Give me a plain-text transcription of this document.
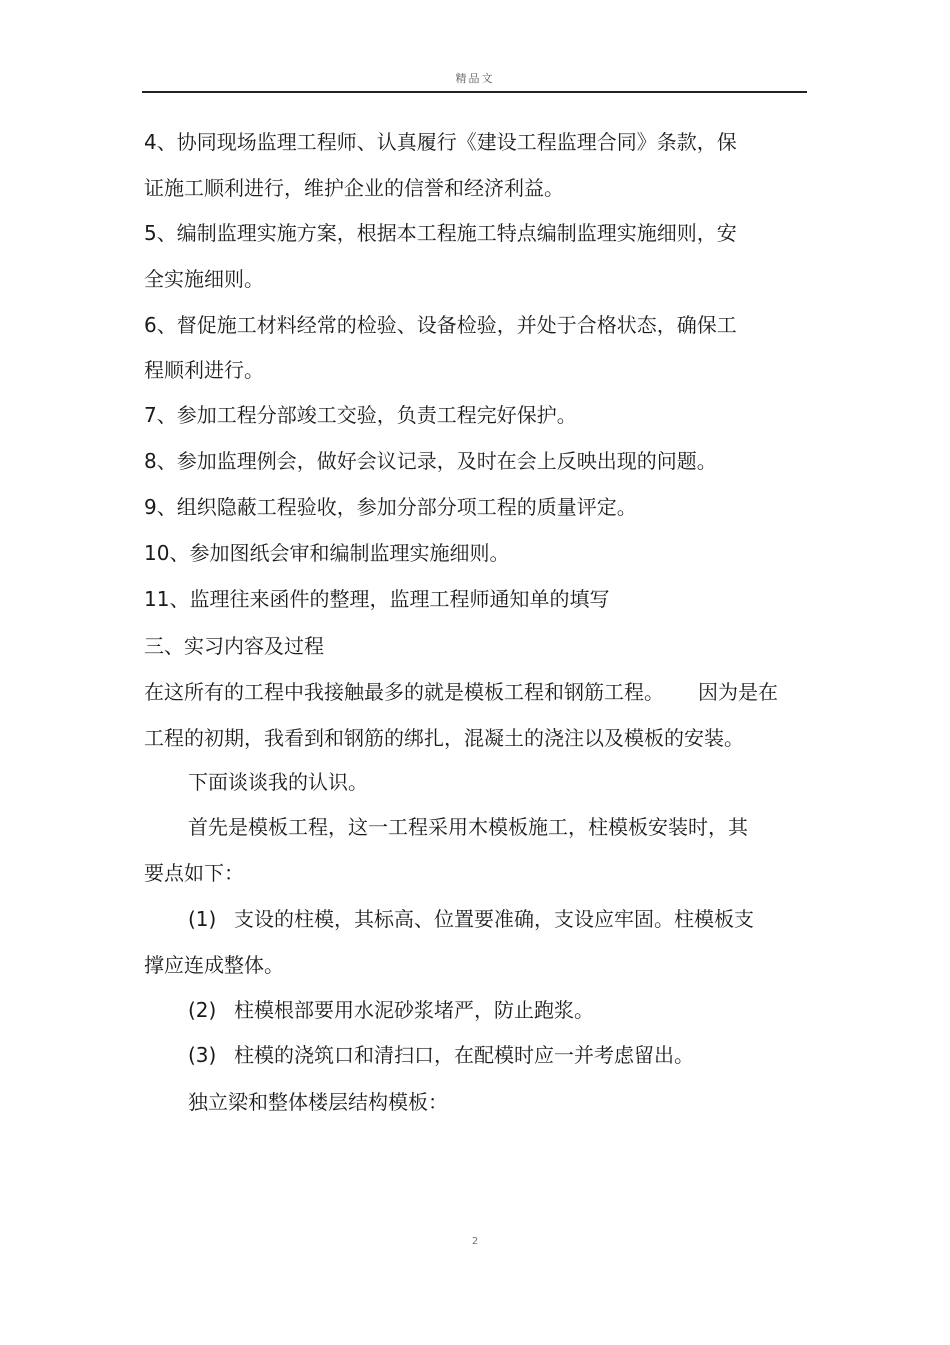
精品文
4、协同现场监理工程师、认真履行《建设工程监理合同》条款，保
证施工顺利进行，维护企业的信誉和经济利益。
5、编制监理实施方案，根据本工程施工特点编制监理实施细则，安
全实施细则。
6、督促施工材料经常的检验、设备检验，并处于合格状态，确保工
程顺利进行。
7、参加工程分部竣工交验，负责工程完好保护。
8、参加监理例会，做好会议记录，及时在会上反映出现的问题。
9、组织隐蔽工程验收，参加分部分项工程的质量评定。
10、参加图纸会审和编制监理实施细则。
11、监理往来函件的整理，监理工程师通知单的填写
三、实习内容及过程
在这所有的工程中我接触最多的就是模板工程和钢筋工程。 因为是在
工程的初期，我看到和钢筋的绑扎，混凝土的浇注以及模板的安装。
下面谈谈我的认识。
首先是模板工程，这一工程采用木模板施工，柱模板安装时，其
要点如下：
(1) 支设的柱模，其标高、位置要准确，支设应牢固。柱模板支
撑应连成整体。
(2) 柱模根部要用水泥砂浆堵严，防止跑浆。
(3) 柱模的浇筑口和清扫口，在配模时应一并考虑留出。
独立梁和整体楼层结构模板：
2
